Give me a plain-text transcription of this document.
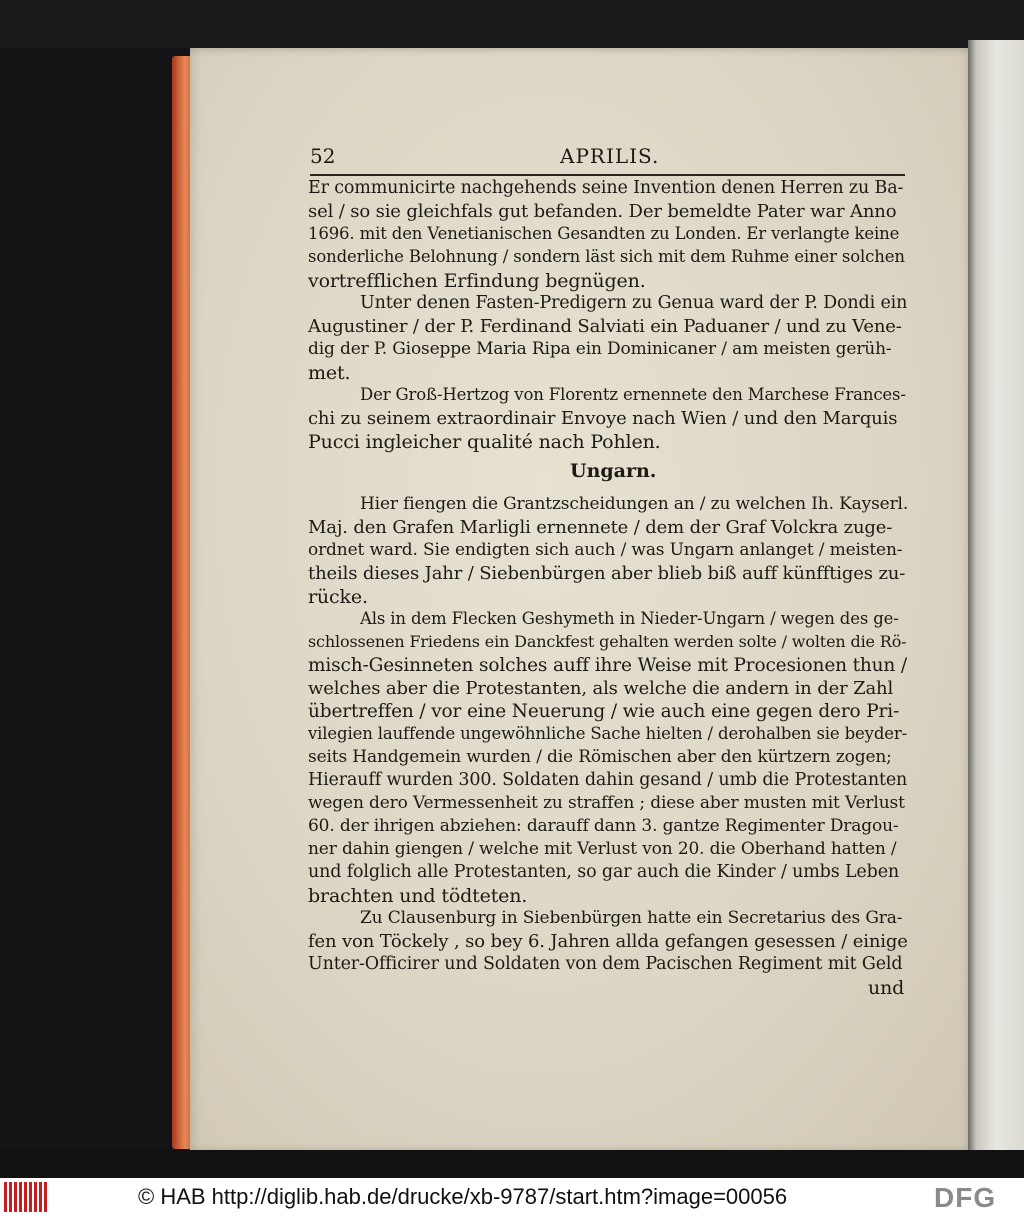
52	APRILIS.
Er communicirte nachgehends seine Invention denen Herren zu Ba-
sel / so sie gleichfals gut befanden. Der bemeldte Pater war Anno
1696. mit den Venetianischen Gesandten zu Londen. Er verlangte keine
sonderliche Belohnung / sondern läst sich mit dem Ruhme einer solchen
vortrefflichen Erfindung begnügen.
Unter denen Fasten-Predigern zu Genua ward der P. Dondi ein
Augustiner / der P. Ferdinand Salviati ein Paduaner / und zu Vene-
dig der P. Gioseppe Maria Ripa ein Dominicaner / am meisten gerüh-
met.
Der Groß-Hertzog von Florentz ernennete den Marchese Frances-
chi zu seinem extraordinair Envoye nach Wien / und den Marquis
Pucci ingleicher qualité nach Pohlen.
Ungarn.
Hier fiengen die Grantzscheidungen an / zu welchen Ih. Kayserl.
Maj. den Grafen Marligli ernennete / dem der Graf Volckra zuge-
ordnet ward. Sie endigten sich auch / was Ungarn anlanget / meisten-
theils dieses Jahr / Siebenbürgen aber blieb biß auff künfftiges zu-
rücke.
Als in dem Flecken Geshymeth in Nieder-Ungarn / wegen des ge-
schlossenen Friedens ein Danckfest gehalten werden solte / wolten die Rö-
misch-Gesinneten solches auff ihre Weise mit Procesionen thun /
welches aber die Protestanten, als welche die andern in der Zahl
übertreffen / vor eine Neuerung / wie auch eine gegen dero Pri-
vilegien lauffende ungewöhnliche Sache hielten / derohalben sie beyder-
seits Handgemein wurden / die Römischen aber den kürtzern zogen;
Hierauff wurden 300. Soldaten dahin gesand / umb die Protestanten
wegen dero Vermessenheit zu straffen ; diese aber musten mit Verlust
60. der ihrigen abziehen: darauff dann 3. gantze Regimenter Dragou-
ner dahin giengen / welche mit Verlust von 20. die Oberhand hatten /
und folglich alle Protestanten, so gar auch die Kinder / umbs Leben
brachten und tödteten.
Zu Clausenburg in Siebenbürgen hatte ein Secretarius des Gra-
fen von Töckely , so bey 6. Jahren allda gefangen gesessen / einige
Unter-Officirer und Soldaten von dem Pacischen Regiment mit Geld
und
© HAB http://diglib.hab.de/drucke/xb-9787/start.htm?image=00056	DFG
